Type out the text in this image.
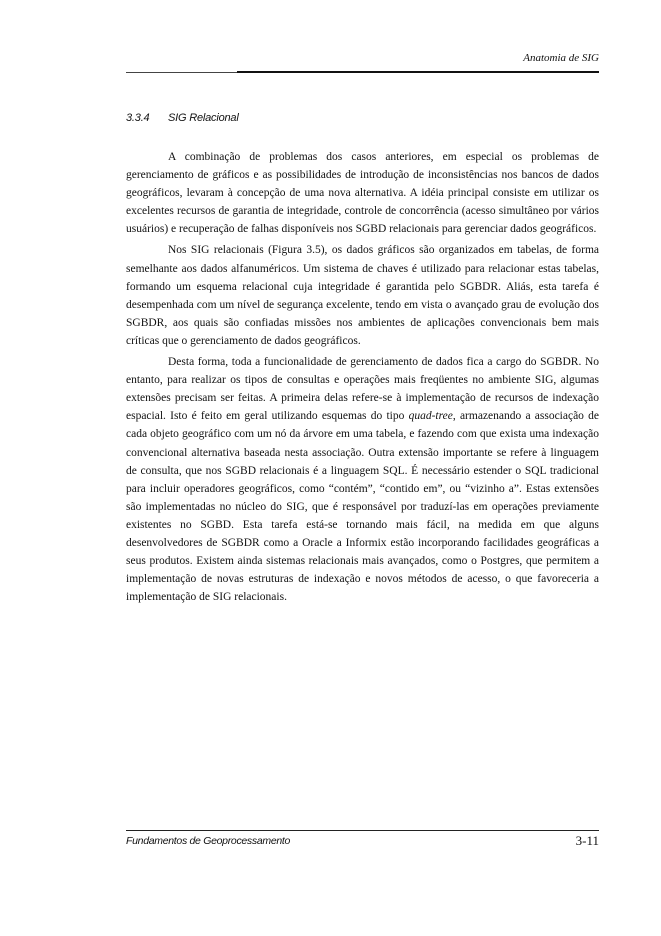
Anatomia de SIG
3.3.4 SIG Relacional

A combinação de problemas dos casos anteriores, em especial os problemas de gerenciamento de gráficos e as possibilidades de introdução de inconsistências nos bancos de dados geográficos, levaram à concepção de uma nova alternativa. A idéia principal consiste em utilizar os excelentes recursos de garantia de integridade, controle de concorrência (acesso simultâneo por vários usuários) e recuperação de falhas disponíveis nos SGBD relacionais para gerenciar dados geográficos.

Nos SIG relacionais (Figura 3.5), os dados gráficos são organizados em tabelas, de forma semelhante aos dados alfanuméricos. Um sistema de chaves é utilizado para relacionar estas tabelas, formando um esquema relacional cuja integridade é garantida pelo SGBDR. Aliás, esta tarefa é desempenhada com um nível de segurança excelente, tendo em vista o avançado grau de evolução dos SGBDR, aos quais são confiadas missões nos ambientes de aplicações convencionais bem mais críticas que o gerenciamento de dados geográficos.

Desta forma, toda a funcionalidade de gerenciamento de dados fica a cargo do SGBDR. No entanto, para realizar os tipos de consultas e operações mais freqüentes no ambiente SIG, algumas extensões precisam ser feitas. A primeira delas refere-se à implementação de recursos de indexação espacial. Isto é feito em geral utilizando esquemas do tipo quad-tree, armazenando a associação de cada objeto geográfico com um nó da árvore em uma tabela, e fazendo com que exista uma indexação convencional alternativa baseada nesta associação. Outra extensão importante se refere à linguagem de consulta, que nos SGBD relacionais é a linguagem SQL. É necessário estender o SQL tradicional para incluir operadores geográficos, como “contém”, “contido em”, ou “vizinho a”. Estas extensões são implementadas no núcleo do SIG, que é responsável por traduzí-las em operações previamente existentes no SGBD. Esta tarefa está-se tornando mais fácil, na medida em que alguns desenvolvedores de SGBDR como a Oracle a Informix estão incorporando facilidades geográficas a seus produtos. Existem ainda sistemas relacionais mais avançados, como o Postgres, que permitem a implementação de novas estruturas de indexação e novos métodos de acesso, o que favoreceria a implementação de SIG relacionais.

Fundamentos de Geoprocessamento	3-11
